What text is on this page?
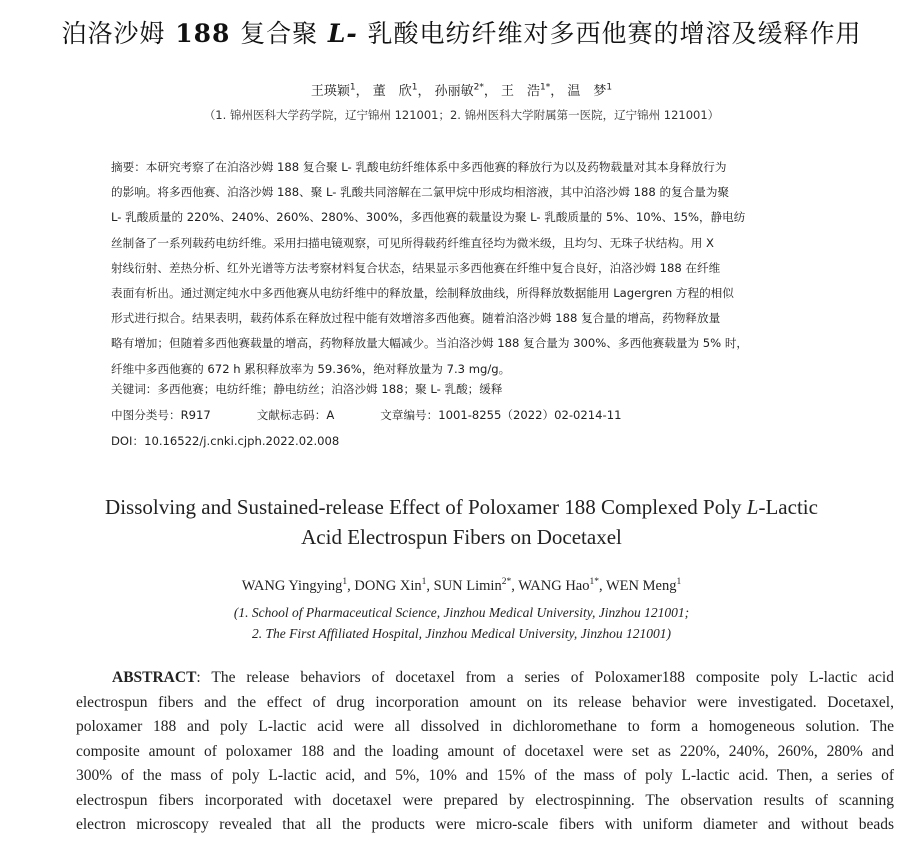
泊洛沙姆 188 复合聚 L- 乳酸电纺纤维对多西他赛的增溶及缓释作用
王瑛颖$^1$， 董　欣$^1$， 孙丽敏$^{2*}$， 王　浩$^{1*}$， 温　梦$^1$
（1. 锦州医科大学药学院，辽宁锦州 121001；2. 锦州医科大学附属第一医院，辽宁锦州 121001）
摘要：本研究考察了在泊洛沙姆 188 复合聚 L- 乳酸电纺纤维体系中多西他赛的释放行为以及药物载量对其本身释放行为
的影响。将多西他赛、泊洛沙姆 188、聚 L- 乳酸共同溶解在二氯甲烷中形成均相溶液，其中泊洛沙姆 188 的复合量为聚
L- 乳酸质量的 220%、240%、260%、280%、300%，多西他赛的载量设为聚 L- 乳酸质量的 5%、10%、15%，静电纺
丝制备了一系列载药电纺纤维。采用扫描电镜观察，可见所得载药纤维直径均为微米级，且均匀、无珠子状结构。用 X
射线衍射、差热分析、红外光谱等方法考察材料复合状态，结果显示多西他赛在纤维中复合良好，泊洛沙姆 188 在纤维
表面有析出。通过测定纯水中多西他赛从电纺纤维中的释放量，绘制释放曲线，所得释放数据能用 Lagergren 方程的相似
形式进行拟合。结果表明，载药体系在释放过程中能有效增溶多西他赛。随着泊洛沙姆 188 复合量的增高，药物释放量
略有增加；但随着多西他赛载量的增高，药物释放量大幅减少。当泊洛沙姆 188 复合量为 300%、多西他赛载量为 5% 时，
纤维中多西他赛的 672 h 累积释放率为 59.36%，绝对释放量为 7.3 mg/g。
关键词：多西他赛；电纺纤维；静电纺丝；泊洛沙姆 188；聚 L- 乳酸；缓释
中图分类号：R917	文献标志码：A	文章编号：1001-8255（2022）02-0214-11
DOI：10.16522/j.cnki.cjph.2022.02.008
Dissolving and Sustained-release Effect of Poloxamer 188 Complexed Poly L-Lactic
Acid Electrospun Fibers on Docetaxel
WANG Yingying$^1$, DONG Xin$^1$, SUN Limin$^{2*}$, WANG Hao$^{1*}$, WEN Meng$^1$
(1. School of Pharmaceutical Science, Jinzhou Medical University, Jinzhou 121001;
2. The First Affiliated Hospital, Jinzhou Medical University, Jinzhou 121001)
ABSTRACT: The release behaviors of docetaxel from a series of Poloxamer188 composite poly L-lactic acid
electrospun fibers and the effect of drug incorporation amount on its release behavior were investigated. Docetaxel,
poloxamer 188 and poly L-lactic acid were all dissolved in dichloromethane to form a homogeneous solution. The
composite amount of poloxamer 188 and the loading amount of docetaxel were set as 220%, 240%, 260%, 280% and
300% of the mass of poly L-lactic acid, and 5%, 10% and 15% of the mass of poly L-lactic acid. Then, a series of
electrospun fibers incorporated with docetaxel were prepared by electrospinning. The observation results of scanning
electron microscopy revealed that all the products were micro-scale fibers with uniform diameter and without beads
